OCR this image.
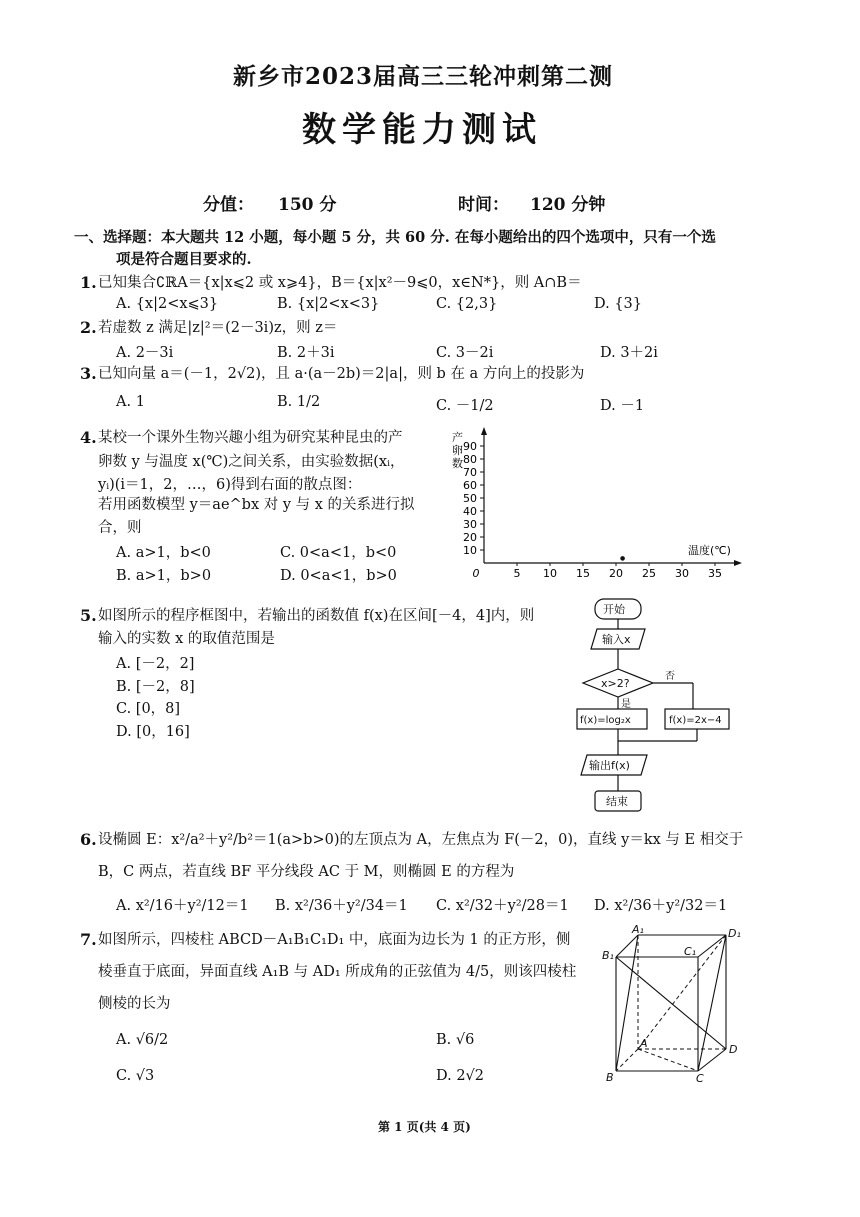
新乡市2023届高三三轮冲刺第二测
数学能力测试
分值： 150 分	时间： 120 分钟
一、选择题：本大题共 12 小题，每小题 5 分，共 60 分. 在每小题给出的四个选项中，只有一个选
项是符合题目要求的.
1. 已知集合∁ℝA＝{x|x⩽2 或 x⩾4}，B＝{x|x²－9⩽0，x∈N*}，则 A∩B＝
A. {x|2<x⩽3}	B. {x|2<x<3}	C. {2,3}	D. {3}
2. 若虚数 z 满足|z|²＝(2－3i)z，则 z＝
A. 2－3i	B. 2＋3i	C. 3－2i	D. 3＋2i
3. 已知向量 a＝(－1，2√2)，且 a·(a－2b)＝2|a|，则 b 在 a 方向上的投影为
A. 1	B. 1/2	C. －1/2	D. －1
4. 某校一个课外生物兴趣小组为研究某种昆虫的产
卵数 y 与温度 x(℃)之间关系，由实验数据(xᵢ，
yᵢ)(i＝1，2，…，6)得到右面的散点图：
若用函数模型 y＝ae^bx 对 y 与 x 的关系进行拟
合，则
A. a>1，b<0	C. 0<a<1，b<0
B. a>1，b>0	D. 0<a<1，b>0
产
卵
数
10
20
30
40
50
60
70
80
90
0	5 10 15 20 25 30 35
温度(℃)
5. 如图所示的程序框图中，若输出的函数值 f(x)在区间[－4，4]内，则
输入的实数 x 的取值范围是
A. [－2，2]
B. [－2，8]
C. [0，8]
D. [0，16]
开始
输入x
x>2?
是
否
f(x)=log₂x	f(x)=2x−4
输出f(x)
结束
6. 设椭圆 E：x²/a²＋y²/b²＝1(a>b>0)的左顶点为 A，左焦点为 F(－2，0)，直线 y＝kx 与 E 相交于
B，C 两点，若直线 BF 平分线段 AC 于 M，则椭圆 E 的方程为
A. x²/16＋y²/12＝1 B. x²/36＋y²/34＝1 C. x²/32＋y²/28＝1 D. x²/36＋y²/32＝1
7. 如图所示，四棱柱 ABCD－A₁B₁C₁D₁ 中，底面为边长为 1 的正方形，侧
棱垂直于底面，异面直线 A₁B 与 AD₁ 所成角的正弦值为 4/5，则该四棱柱
侧棱的长为
A. √6/2	B. √6
C. √3	D. 2√2
A₁	D₁
B₁	C₁
A	D
B	C
第 1 页(共 4 页)
